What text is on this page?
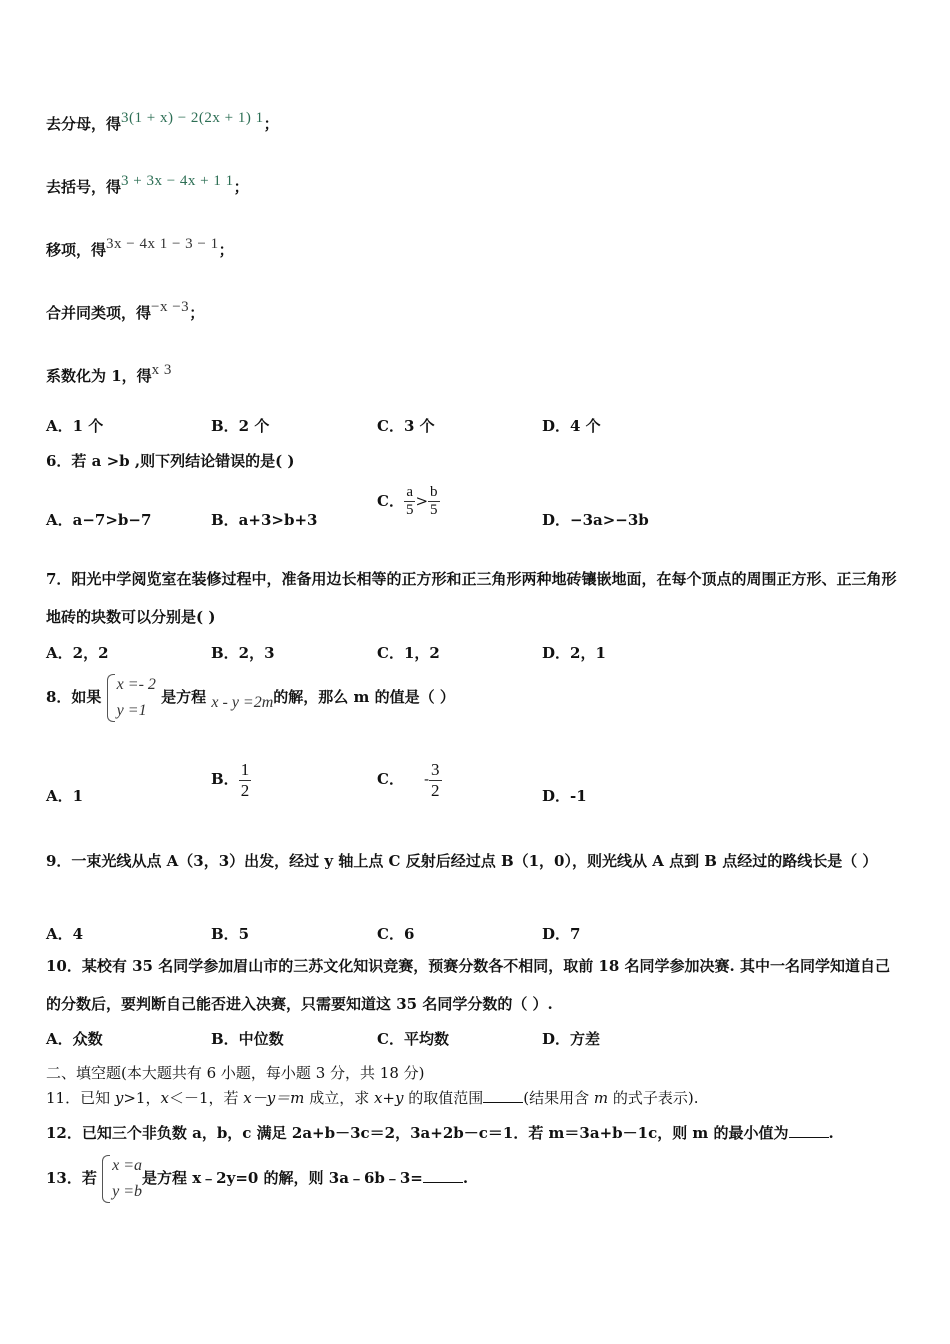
去分母，得3(1 + x) − 2(2x + 1) 1；
去括号，得3 + 3x − 4x + 1 1；
移项，得3x − 4x 1 − 3 − 1；
合并同类项，得−x −3；
系数化为 1，得x 3
A．1 个	B．2 个	C．3 个	D．4 个
6．若 a >b ,则下列结论错误的是( )
A．a−7>b−7	B．a+3>b+3
C． $\frac{a}{5} > \frac{b}{5}$
D．−3a>−3b
7．阳光中学阅览室在装修过程中，准备用边长相等的正方形和正三角形两种地砖镶嵌地面，在每个顶点的周围正方形、正三角形地砖的块数可以分别是( )
A．2，2	B．2，3	C．1，2	D．2，1
8．如果
x =- 2
y =1
是方程 x - y =2m的解，那么 m 的值是（ ）
A．1
B． $\frac{1}{2}$	C． - $\frac{3}{2}$	D．-1
9．一束光线从点 A（3，3）出发，经过 y 轴上点 C 反射后经过点 B（1，0），则光线从 A 点到 B 点经过的路线长是（ ）
A．4	B．5	C．6	D．7
10．某校有 35 名同学参加眉山市的三苏文化知识竞赛，预赛分数各不相同，取前 18 名同学参加决赛. 其中一名同学知道自己的分数后，要判断自己能否进入决赛，只需要知道这 35 名同学分数的（ ）.
A．众数	B．中位数	C．平均数	D．方差
二、填空题(本大题共有 6 小题，每小题 3 分，共 18 分)
11．已知 y>1，x＜－1，若 x－y＝m 成立，求 x+y 的取值范围	(结果用含 m 的式子表示).
12．已知三个非负数 a，b，c 满足 2a+b－3c＝2，3a+2b－c＝1．若 m＝3a+b－1c，则 m 的最小值为	.
13．若
x =a
y =b
是方程 x﹣2y=0 的解，则 3a﹣6b﹣3=	.
